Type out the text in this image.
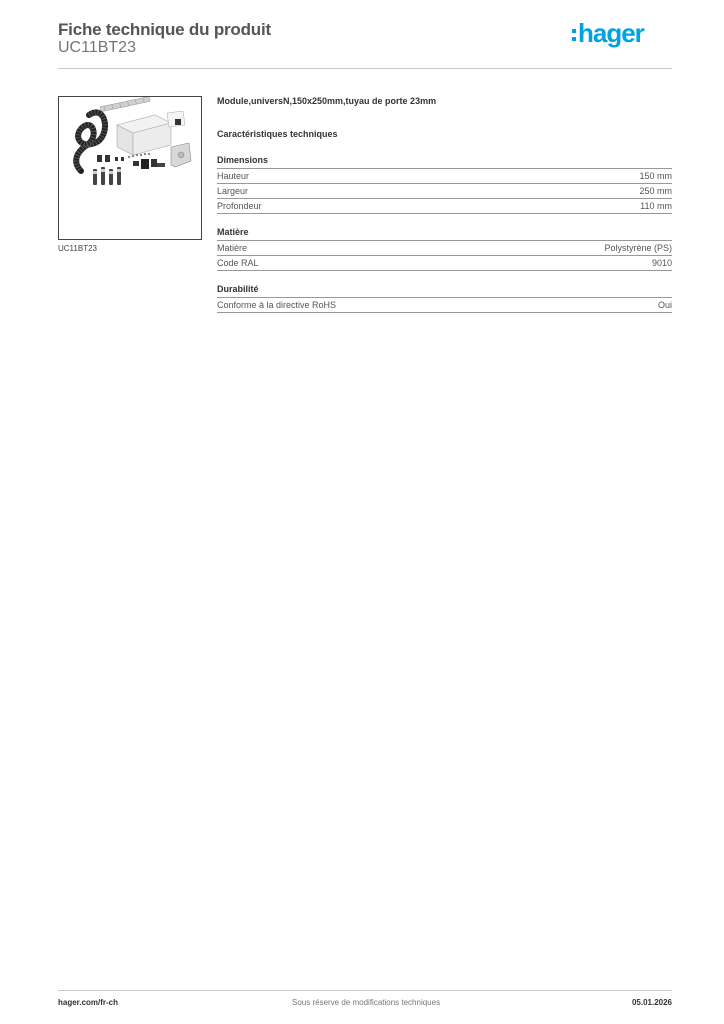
Fiche technique du produit
UC11BT23	hager
UC11BT23
Module,universN,150x250mm,tuyau de porte 23mm
Caractéristiques techniques
Dimensions
Hauteur	150 mm
Largeur	250 mm
Profondeur	110 mm
Matière
Matière	Polystyrène (PS)
Code RAL	9010
Durabilité
Conforme à la directive RoHS	Oui
hager.com/fr-ch	Sous réserve de modifications techniques	05.01.2026
